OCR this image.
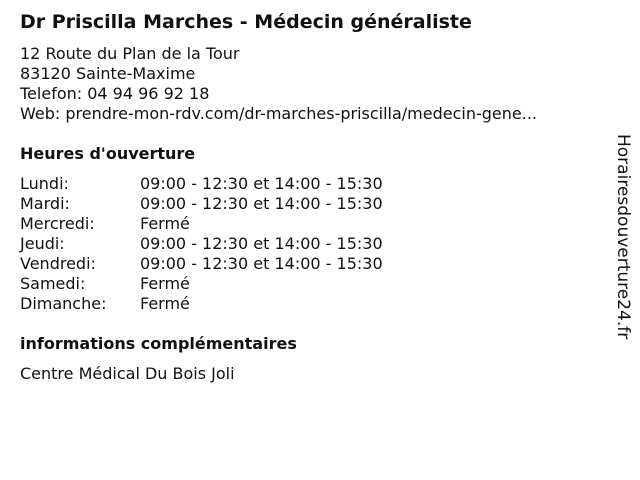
Dr Priscilla Marches - Médecin généraliste
12 Route du Plan de la Tour
83120 Sainte-Maxime
Telefon: 04 94 96 92 18
Web: prendre-mon-rdv.com/dr-marches-priscilla/medecin-gene...
Heures d'ouverture
Lundi:	09:00 - 12:30 et 14:00 - 15:30
Mardi:	09:00 - 12:30 et 14:00 - 15:30
Mercredi:	Fermé
Jeudi:	09:00 - 12:30 et 14:00 - 15:30
Vendredi:	09:00 - 12:30 et 14:00 - 15:30
Samedi:	Fermé
Dimanche:	Fermé
informations complémentaires
Centre Médical Du Bois Joli
Horairesdouverture24.fr
